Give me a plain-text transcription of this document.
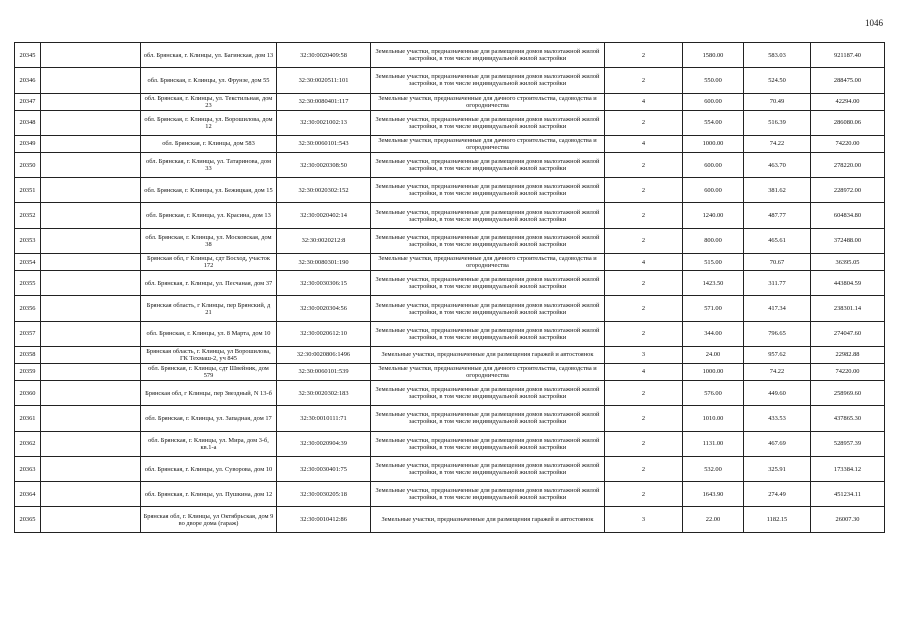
1046
20345		обл. Брянская, г. Клинцы, ул. Багинская, дом 13	32:30:0020409:58	Земельные участки, предназначенные для размещения домов малоэтажной жилой застройки, в том числе индивидуальной жилой застройки	2	1580.00	583.03	921187.40
20346		обл. Брянская, г. Клинцы, ул. Фрунзе, дом 55	32:30:0020511:101	Земельные участки, предназначенные для размещения домов малоэтажной жилой застройки, в том числе индивидуальной жилой застройки	2	550.00	524.50	288475.00
20347		обл. Брянская, г. Клинцы, ул. Текстильная, дом 23	32:30:0080401:117	Земельные участки, предназначенные для дачного строительства, садоводства и огородничества	4	600.00	70.49	42294.00
20348		обл. Брянская, г. Клинцы, ул. Ворошилова, дом 12	32:30:0021002:13	Земельные участки, предназначенные для размещения домов малоэтажной жилой застройки, в том числе индивидуальной жилой застройки	2	554.00	516.39	286080.06
20349		обл. Брянская, г. Клинцы, дом 583	32:30:0060101:543	Земельные участки, предназначенные для дачного строительства, садоводства и огородничества	4	1000.00	74.22	74220.00
20350		обл. Брянская, г. Клинцы, ул. Татаринова, дом 33	32:30:0020308:50	Земельные участки, предназначенные для размещения домов малоэтажной жилой застройки, в том числе индивидуальной жилой застройки	2	600.00	463.70	278220.00
20351		обл. Брянская, г. Клинцы, ул. Бежицкая, дом 15	32:30:0020302:152	Земельные участки, предназначенные для размещения домов малоэтажной жилой застройки, в том числе индивидуальной жилой застройки	2	600.00	381.62	228972.00
20352		обл. Брянская, г. Клинцы, ул. Красина, дом 13	32:30:0020402:14	Земельные участки, предназначенные для размещения домов малоэтажной жилой застройки, в том числе индивидуальной жилой застройки	2	1240.00	487.77	604834.80
20353		обл. Брянская, г. Клинцы, ул. Московская, дом 38	32:30:0020212:8	Земельные участки, предназначенные для размещения домов малоэтажной жилой застройки, в том числе индивидуальной жилой застройки	2	800.00	465.61	372488.00
20354		Брянская обл, г Клинцы, сдт Восход, участок 172	32:30:0080301:190	Земельные участки, предназначенные для дачного строительства, садоводства и огородничества	4	515.00	70.67	36395.05
20355		обл. Брянская, г. Клинцы, ул. Песчаная, дом 37	32:30:0030306:15	Земельные участки, предназначенные для размещения домов малоэтажной жилой застройки, в том числе индивидуальной жилой застройки	2	1423.50	311.77	443804.59
20356		Брянская область, г Клинцы, пер Брянский, д 21	32:30:0020304:56	Земельные участки, предназначенные для размещения домов малоэтажной жилой застройки, в том числе индивидуальной жилой застройки	2	571.00	417.34	238301.14
20357		обл. Брянская, г. Клинцы, ул. 8 Марта, дом 10	32:30:0020612:10	Земельные участки, предназначенные для размещения домов малоэтажной жилой застройки, в том числе индивидуальной жилой застройки	2	344.00	796.65	274047.60
20358		Брянская область, г. Клинцы, ул Ворошилова, ГК Техмаш-2, уч 845	32:30:0020806:1496	Земельные участки, предназначенные для размещения гаражей и автостоянок	3	24.00	957.62	22982.88
20359		обл. Брянская, г. Клинцы, сдт Швейник, дом 579	32:30:0060101:539	Земельные участки, предназначенные для дачного строительства, садоводства и огородничества	4	1000.00	74.22	74220.00
20360		Брянская обл, г Клинцы, пер Звездный, N 13-б	32:30:0020302:183	Земельные участки, предназначенные для размещения домов малоэтажной жилой застройки, в том числе индивидуальной жилой застройки	2	576.00	449.60	258969.60
20361		обл. Брянская, г. Клинцы, ул. Западная, дом 17	32:30:0010111:71	Земельные участки, предназначенные для размещения домов малоэтажной жилой застройки, в том числе индивидуальной жилой застройки	2	1010.00	433.53	437865.30
20362		обл. Брянская, г. Клинцы, ул. Мира, дом 3-б, кв.1-а	32:30:0020904:39	Земельные участки, предназначенные для размещения домов малоэтажной жилой застройки, в том числе индивидуальной жилой застройки	2	1131.00	467.69	528957.39
20363		обл. Брянская, г. Клинцы, ул. Суворова, дом 10	32:30:0030401:75	Земельные участки, предназначенные для размещения домов малоэтажной жилой застройки, в том числе индивидуальной жилой застройки	2	532.00	325.91	173384.12
20364		обл. Брянская, г. Клинцы, ул. Пушкина, дом 12	32:30:0030205:18	Земельные участки, предназначенные для размещения домов малоэтажной жилой застройки, в том числе индивидуальной жилой застройки	2	1643.90	274.49	451234.11
20365		Брянская обл, г. Клинцы, ул Октябрьская, дом 9 во дворе дома (гараж)	32:30:0010412:86	Земельные участки, предназначенные для размещения гаражей и автостоянок	3	22.00	1182.15	26007.30
